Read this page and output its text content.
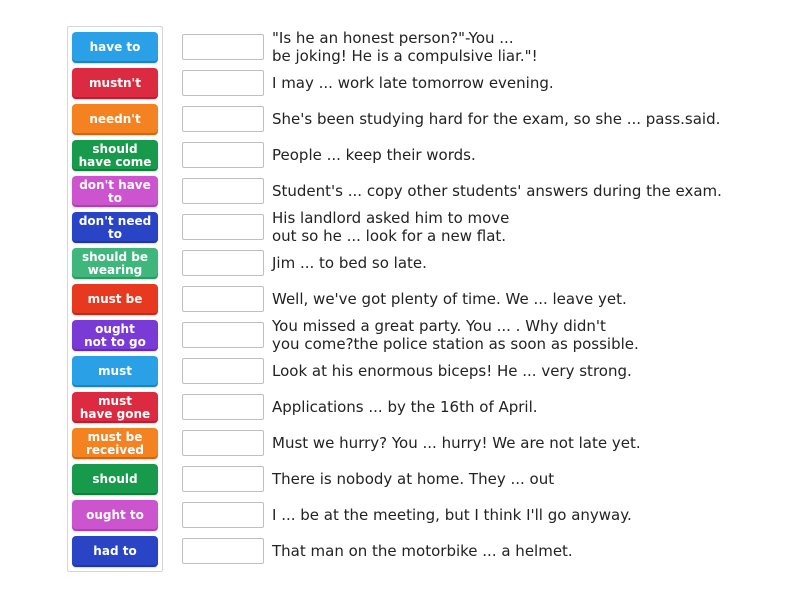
have to
mustn't
needn't
should
have come
don't have to
don't need to
should be
wearing
must be
ought
not to go
must
must
have gone
must be
received
should
ought to
had to
"Is he an honest person?"-You ...
be joking! He is a compulsive liar."!
I may ... work late tomorrow evening.
She's been studying hard for the exam, so she ... pass.said.
People ... keep their words.
Student's ... copy other students' answers during the exam.
His landlord asked him to move
out so he ... look for a new flat.
Jim ... to bed so late.
Well, we've got plenty of time. We ... leave yet.
You missed a great party. You ... . Why didn't
you come?the police station as soon as possible.
Look at his enormous biceps! He ... very strong.
Applications ... by the 16th of April.
Must we hurry? You ... hurry! We are not late yet.
There is nobody at home. They ... out
I ... be at the meeting, but I think I'll go anyway.
That man on the motorbike ... a helmet.
